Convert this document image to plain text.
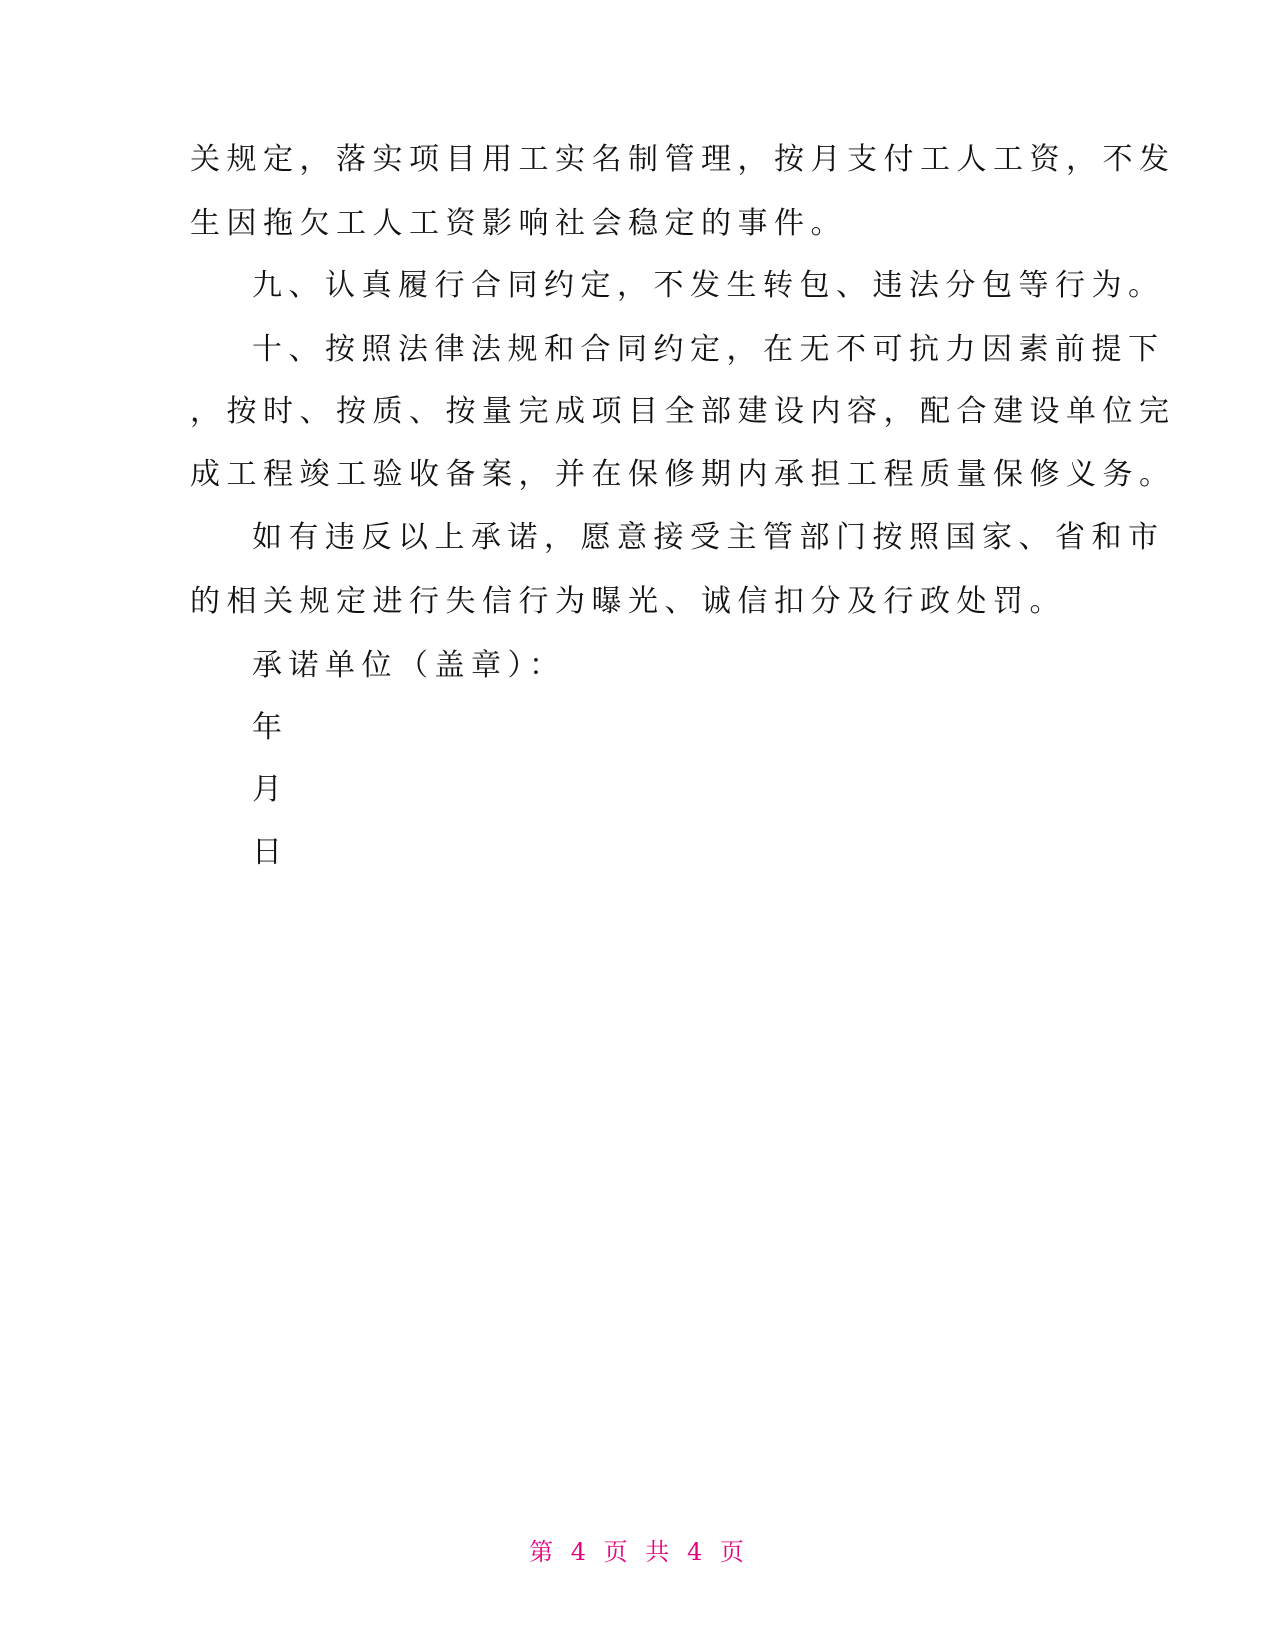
关规定，落实项目用工实名制管理，按月支付工人工资，不发
生因拖欠工人工资影响社会稳定的事件。
九、认真履行合同约定，不发生转包、违法分包等行为。
十、按照法律法规和合同约定，在无不可抗力因素前提下
，按时、按质、按量完成项目全部建设内容，配合建设单位完
成工程竣工验收备案，并在保修期内承担工程质量保修义务。
如有违反以上承诺，愿意接受主管部门按照国家、省和市
的相关规定进行失信行为曝光、诚信扣分及行政处罚。
承诺单位（盖章）：
年
月
日
第 4 页 共 4 页
